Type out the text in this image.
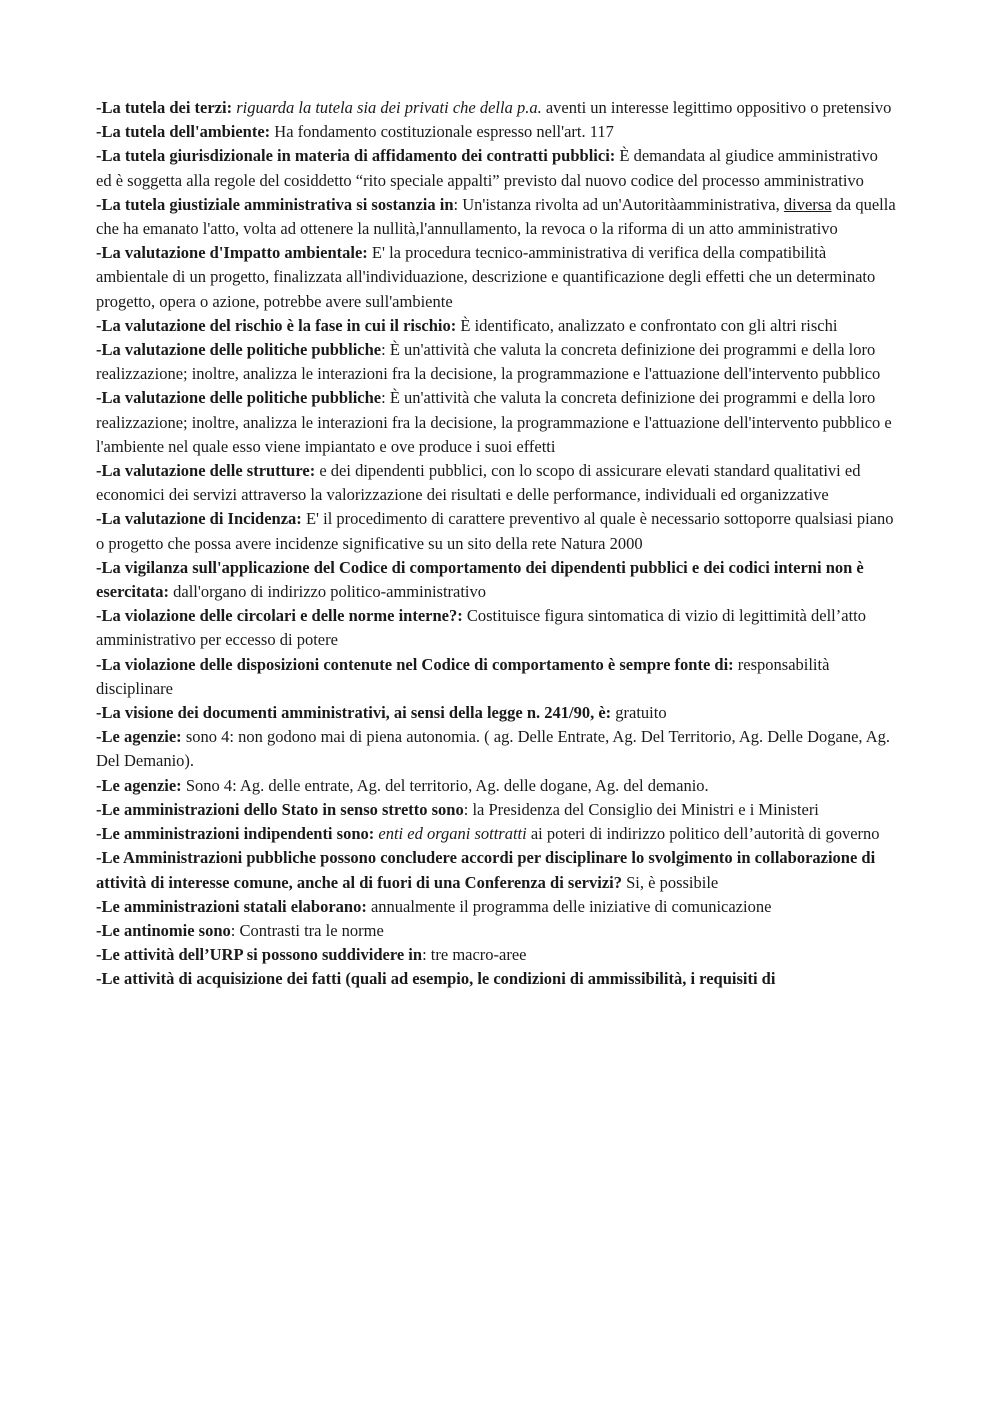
-La tutela dei terzi: riguarda la tutela sia dei privati che della p.a. aventi un interesse legittimo oppositivo o pretensivo

-La tutela dell'ambiente: Ha fondamento costituzionale espresso nell'art. 117

-La tutela giurisdizionale in materia di affidamento dei contratti pubblici: È demandata al giudice amministrativo ed è soggetta alla regole del cosiddetto “rito speciale appalti” previsto dal nuovo codice del processo amministrativo

-La tutela giustiziale amministrativa si sostanzia in: Un'istanza rivolta ad un'Autoritàamministrativa, diversa da quella che ha emanato l'atto, volta ad ottenere la nullità,l'annullamento, la revoca o la riforma di un atto amministrativo

-La valutazione d'Impatto ambientale: E' la procedura tecnico-amministrativa di verifica della compatibilità ambientale di un progetto, finalizzata all'individuazione, descrizione e quantificazione degli effetti che un determinato progetto, opera o azione, potrebbe avere sull'ambiente

-La valutazione del rischio è la fase in cui il rischio: È identificato, analizzato e confrontato con gli altri rischi

-La valutazione delle politiche pubbliche: È un'attività che valuta la concreta definizione dei programmi e della loro realizzazione; inoltre, analizza le interazioni fra la decisione, la programmazione e l'attuazione dell'intervento pubblico

-La valutazione delle politiche pubbliche: È un'attività che valuta la concreta definizione dei programmi e della loro realizzazione; inoltre, analizza le interazioni fra la decisione, la programmazione e l'attuazione dell'intervento pubblico e l'ambiente nel quale esso viene impiantato e ove produce i suoi effetti

-La valutazione delle strutture: e dei dipendenti pubblici, con lo scopo di assicurare elevati standard qualitativi ed economici dei servizi attraverso la valorizzazione dei risultati e delle performance, individuali ed organizzative

-La valutazione di Incidenza: E' il procedimento di carattere preventivo al quale è necessario sottoporre qualsiasi piano o progetto che possa avere incidenze significative su un sito della rete Natura 2000

-La vigilanza sull'applicazione del Codice di comportamento dei dipendenti pubblici e dei codici interni non è esercitata: dall'organo di indirizzo politico-amministrativo

-La violazione delle circolari e delle norme interne?: Costituisce figura sintomatica di vizio di legittimità dell’atto amministrativo per eccesso di potere

-La violazione delle disposizioni contenute nel Codice di comportamento è sempre fonte di: responsabilità disciplinare

-La visione dei documenti amministrativi, ai sensi della legge n. 241/90, è: gratuito

-Le agenzie: sono 4: non godono mai di piena autonomia. ( ag. Delle Entrate, Ag. Del Territorio, Ag. Delle Dogane, Ag. Del Demanio).

-Le agenzie: Sono 4: Ag. delle entrate, Ag. del territorio, Ag. delle dogane, Ag. del demanio.

-Le amministrazioni dello Stato in senso stretto sono: la Presidenza del Consiglio dei Ministri e i Ministeri

-Le amministrazioni indipendenti sono: enti ed organi sottratti ai poteri di indirizzo politico dell’autorità di governo

-Le Amministrazioni pubbliche possono concludere accordi per disciplinare lo svolgimento in collaborazione di attività di interesse comune, anche al di fuori di una Conferenza di servizi? Si, è possibile

-Le amministrazioni statali elaborano: annualmente il programma delle iniziative di comunicazione

-Le antinomie sono: Contrasti tra le norme

-Le attività dell’URP si possono suddividere in: tre macro-aree

-Le attività di acquisizione dei fatti (quali ad esempio, le condizioni di ammissibilità, i requisiti di
